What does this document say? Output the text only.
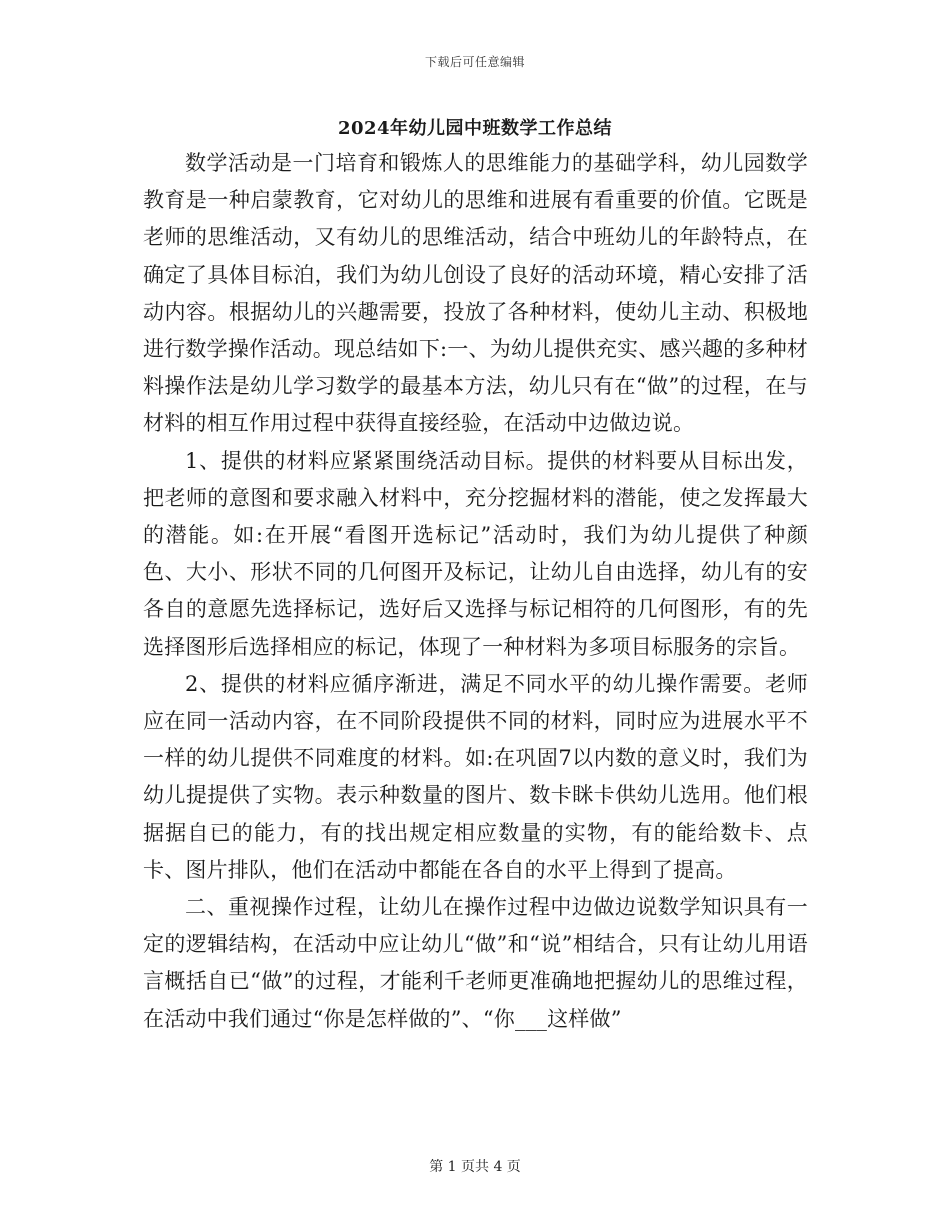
下载后可任意编辑
2024年幼儿园中班数学工作总结

数学活动是一门培育和锻炼人的思维能力的基础学科，幼儿园数学教育是一种启蒙教育，它对幼儿的思维和进展有看重要的价值。它既是老师的思维活动，又有幼儿的思维活动，结合中班幼儿的年龄特点，在确定了具体目标泊，我们为幼儿创设了良好的活动环境，精心安排了活动内容。根据幼儿的兴趣需要，投放了各种材料，使幼儿主动、积极地进行数学操作活动。现总结如下:一、为幼儿提供充实、感兴趣的多种材料操作法是幼儿学习数学的最基本方法，幼儿只有在“做”的过程，在与材料的相互作用过程中获得直接经验，在活动中边做边说。

1、提供的材料应紧紧围绕活动目标。提供的材料要从目标出发，把老师的意图和要求融入材料中，充分挖掘材料的潜能，使之发挥最大的潜能。如:在开展“看图开选标记”活动时，我们为幼儿提供了种颜色、大小、形状不同的几何图开及标记，让幼儿自由选择，幼儿有的安各自的意愿先选择标记，选好后又选择与标记相符的几何图形，有的先选择图形后选择相应的标记，体现了一种材料为多项目标服务的宗旨。

2、提供的材料应循序渐进，满足不同水平的幼儿操作需要。老师应在同一活动内容，在不同阶段提供不同的材料，同时应为进展水平不一样的幼儿提供不同难度的材料。如:在巩固7以内数的意义时，我们为幼儿提提供了实物。表示种数量的图片、数卡眯卡供幼儿选用。他们根据据自已的能力，有的找出规定相应数量的实物，有的能给数卡、点卡、图片排队，他们在活动中都能在各自的水平上得到了提高。

二、重视操作过程，让幼儿在操作过程中边做边说数学知识具有一定的逻辑结构，在活动中应让幼儿“做”和“说”相结合，只有让幼儿用语言概括自已“做”的过程，才能利千老师更准确地把握幼儿的思维过程，在活动中我们通过“你是怎样做的”、“你___这样做”

第 1 页共 4 页
